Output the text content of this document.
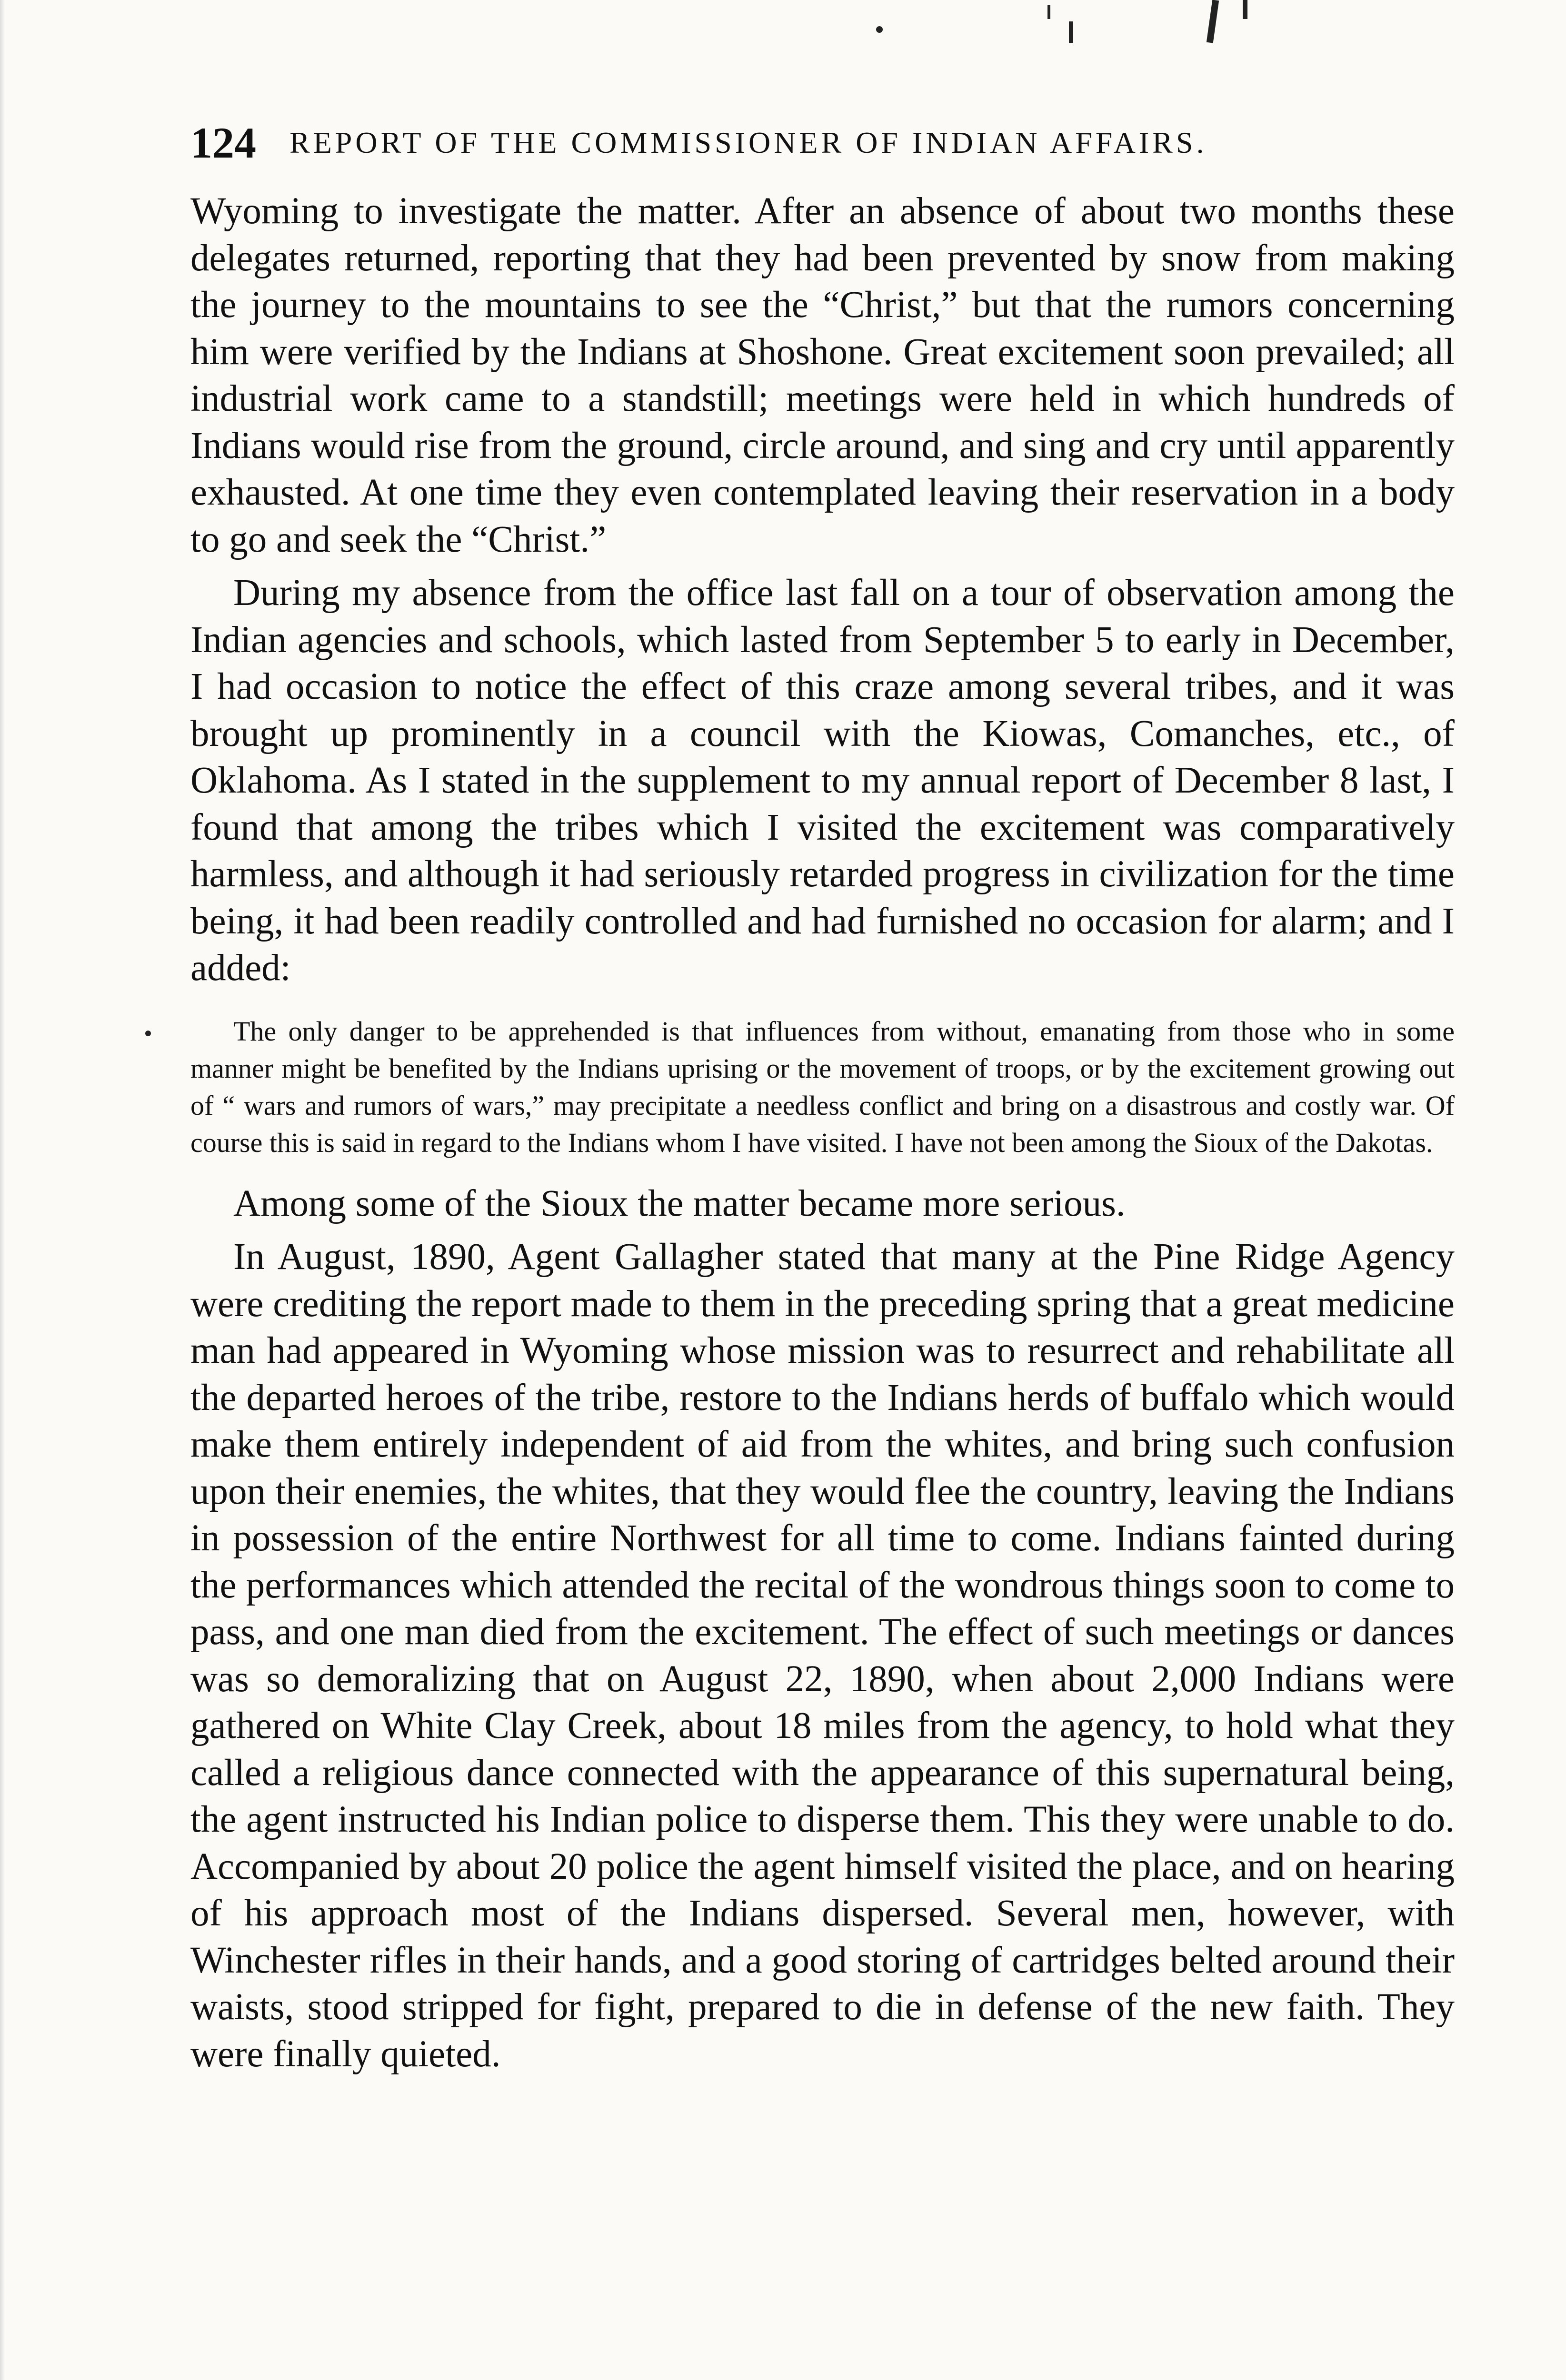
124 REPORT OF THE COMMISSIONER OF INDIAN AFFAIRS.

Wyoming to investigate the matter. After an absence of about two months these delegates returned, reporting that they had been prevented by snow from making the journey to the mountains to see the “Christ,” but that the rumors concerning him were verified by the Indians at Shoshone. Great excitement soon prevailed; all industrial work came to a standstill; meetings were held in which hundreds of Indians would rise from the ground, circle around, and sing and cry until apparently exhausted. At one time they even contemplated leaving their reservation in a body to go and seek the “Christ.”

During my absence from the office last fall on a tour of observation among the Indian agencies and schools, which lasted from September 5 to early in December, I had occasion to notice the effect of this craze among several tribes, and it was brought up prominently in a council with the Kiowas, Comanches, etc., of Oklahoma. As I stated in the supplement to my annual report of December 8 last, I found that among the tribes which I visited the excitement was comparatively harmless, and although it had seriously retarded progress in civilization for the time being, it had been readily controlled and had furnished no occasion for alarm; and I added:

The only danger to be apprehended is that influences from without, emanating from those who in some manner might be benefited by the Indians uprising or the movement of troops, or by the excitement growing out of “ wars and rumors of wars,” may precipitate a needless conflict and bring on a disastrous and costly war. Of course this is said in regard to the Indians whom I have visited. I have not been among the Sioux of the Dakotas.

Among some of the Sioux the matter became more serious.

In August, 1890, Agent Gallagher stated that many at the Pine Ridge Agency were crediting the report made to them in the preceding spring that a great medicine man had appeared in Wyoming whose mission was to resurrect and rehabilitate all the departed heroes of the tribe, restore to the Indians herds of buffalo which would make them entirely independent of aid from the whites, and bring such confusion upon their enemies, the whites, that they would flee the country, leaving the Indians in possession of the entire Northwest for all time to come. Indians fainted during the performances which attended the recital of the wondrous things soon to come to pass, and one man died from the excitement. The effect of such meetings or dances was so demoralizing that on August 22, 1890, when about 2,000 Indians were gathered on White Clay Creek, about 18 miles from the agency, to hold what they called a religious dance connected with the appearance of this supernatural being, the agent instructed his Indian police to disperse them. This they were unable to do. Accompanied by about 20 police the agent himself visited the place, and on hearing of his approach most of the Indians dispersed. Several men, however, with Winchester rifles in their hands, and a good storing of cartridges belted around their waists, stood stripped for fight, prepared to die in defense of the new faith. They were finally quieted.
